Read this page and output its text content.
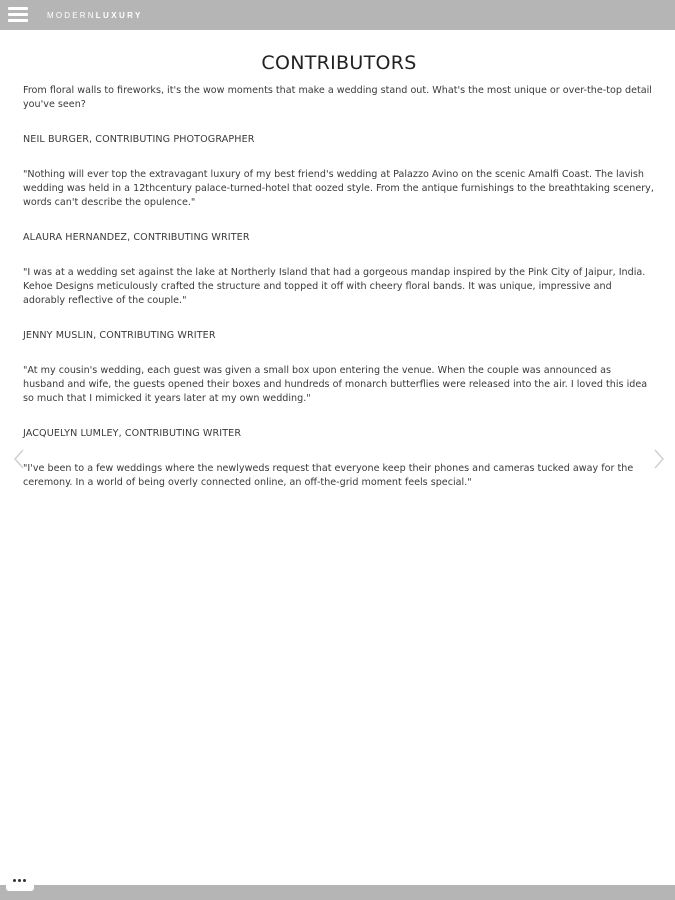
MODERNLUXURY
CONTRIBUTORS

From floral walls to fireworks, it's the wow moments that make a wedding stand out. What's the most unique or over-the-top detail you've seen?

NEIL BURGER, CONTRIBUTING PHOTOGRAPHER

"Nothing will ever top the extravagant luxury of my best friend's wedding at Palazzo Avino on the scenic Amalfi Coast. The lavish wedding was held in a 12thcentury palace-turned-hotel that oozed style. From the antique furnishings to the breathtaking scenery, words can't describe the opulence."

ALAURA HERNANDEZ, CONTRIBUTING WRITER

"I was at a wedding set against the lake at Northerly Island that had a gorgeous mandap inspired by the Pink City of Jaipur, India. Kehoe Designs meticulously crafted the structure and topped it off with cheery floral bands. It was unique, impressive and adorably reflective of the couple."

JENNY MUSLIN, CONTRIBUTING WRITER

"At my cousin's wedding, each guest was given a small box upon entering the venue. When the couple was announced as husband and wife, the guests opened their boxes and hundreds of monarch butterflies were released into the air. I loved this idea so much that I mimicked it years later at my own wedding."

JACQUELYN LUMLEY, CONTRIBUTING WRITER

"I've been to a few weddings where the newlyweds request that everyone keep their phones and cameras tucked away for the ceremony. In a world of being overly connected online, an off-the-grid moment feels special."
